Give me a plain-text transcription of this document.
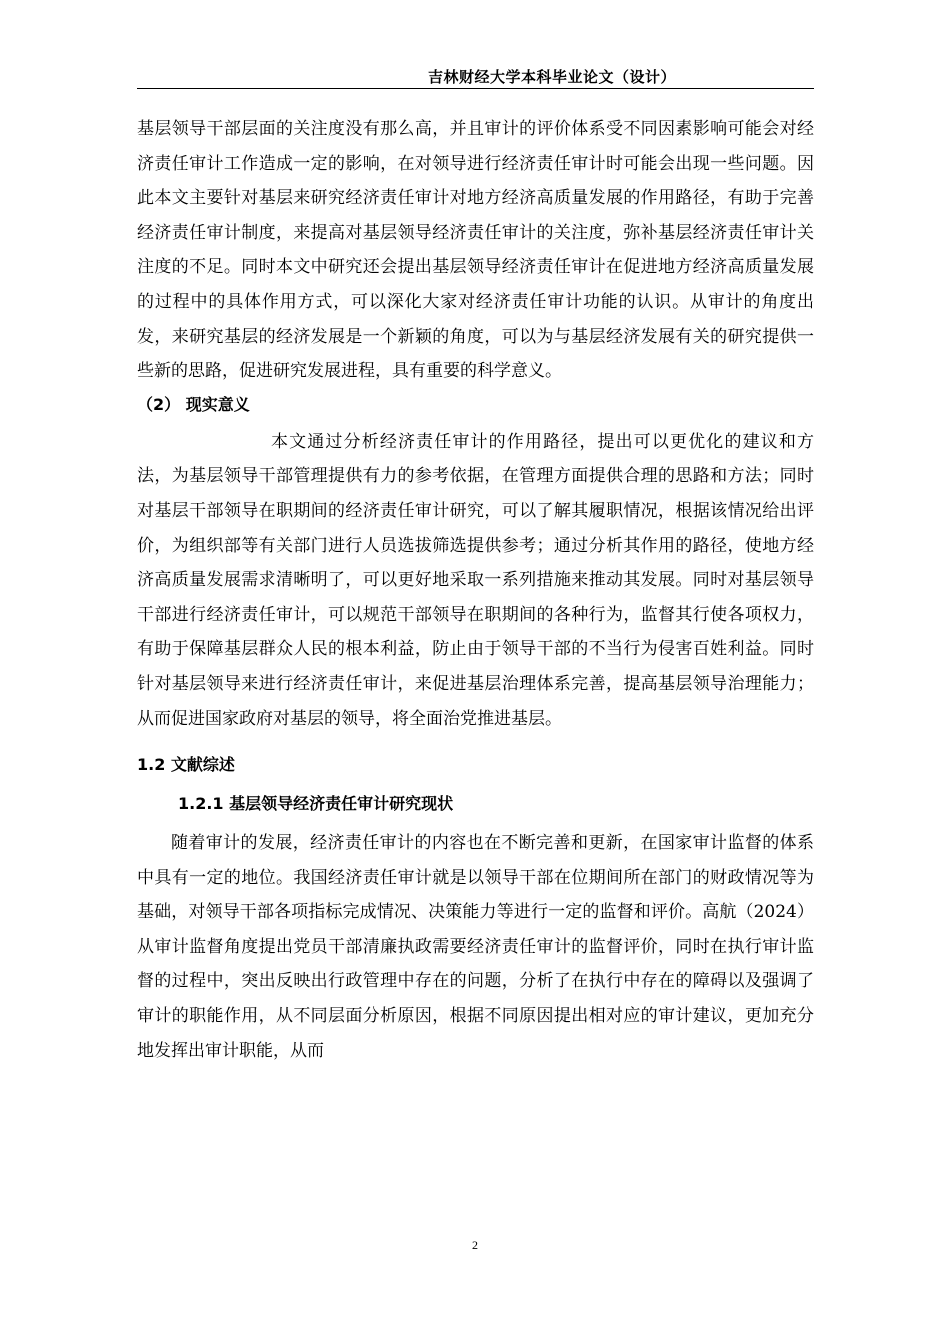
吉林财经大学本科毕业论文（设计）

基层领导干部层面的关注度没有那么高，并且审计的评价体系受不同因素影响可能会对经济责任审计工作造成一定的影响，在对领导进行经济责任审计时可能会出现一些问题。因此本文主要针对基层来研究经济责任审计对地方经济高质量发展的作用路径，有助于完善经济责任审计制度，来提高对基层领导经济责任审计的关注度，弥补基层经济责任审计关注度的不足。同时本文中研究还会提出基层领导经济责任审计在促进地方经济高质量发展的过程中的具体作用方式，可以深化大家对经济责任审计功能的认识。从审计的角度出发，来研究基层的经济发展是一个新颖的角度，可以为与基层经济发展有关的研究提供一些新的思路，促进研究发展进程，具有重要的科学意义。

（2） 现实意义

本文通过分析经济责任审计的作用路径，提出可以更优化的建议和方法，为基层领导干部管理提供有力的参考依据，在管理方面提供合理的思路和方法；同时对基层干部领导在职期间的经济责任审计研究，可以了解其履职情况，根据该情况给出评价，为组织部等有关部门进行人员选拔筛选提供参考；通过分析其作用的路径，使地方经济高质量发展需求清晰明了，可以更好地采取一系列措施来推动其发展。同时对基层领导干部进行经济责任审计，可以规范干部领导在职期间的各种行为，监督其行使各项权力，有助于保障基层群众人民的根本利益，防止由于领导干部的不当行为侵害百姓利益。同时针对基层领导来进行经济责任审计，来促进基层治理体系完善，提高基层领导治理能力；从而促进国家政府对基层的领导，将全面治党推进基层。

1.2 文献综述

1.2.1 基层领导经济责任审计研究现状

随着审计的发展，经济责任审计的内容也在不断完善和更新，在国家审计监督的体系中具有一定的地位。我国经济责任审计就是以领导干部在位期间所在部门的财政情况等为基础，对领导干部各项指标完成情况、决策能力等进行一定的监督和评价。高航（2024）从审计监督角度提出党员干部清廉执政需要经济责任审计的监督评价，同时在执行审计监督的过程中，突出反映出行政管理中存在的问题，分析了在执行中存在的障碍以及强调了审计的职能作用，从不同层面分析原因，根据不同原因提出相对应的审计建议，更加充分地发挥出审计职能，从而

2
